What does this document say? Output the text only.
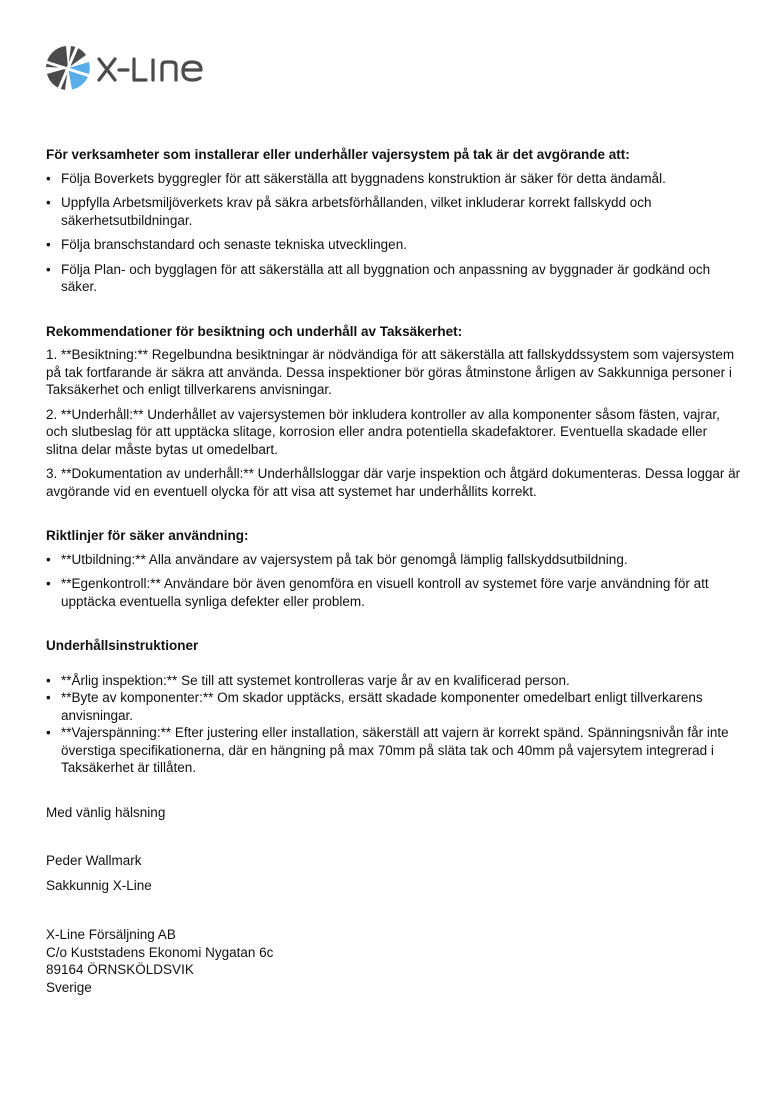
För verksamheter som installerar eller underhåller vajersystem på tak är det avgörande att:
• Följa Boverkets byggregler för att säkerställa att byggnadens konstruktion är säker för detta ändamål.
• Uppfylla Arbetsmiljöverkets krav på säkra arbetsförhållanden, vilket inkluderar korrekt fallskydd och säkerhetsutbildningar.
• Följa branschstandard och senaste tekniska utvecklingen.
• Följa Plan- och bygglagen för att säkerställa att all byggnation och anpassning av byggnader är godkänd och säker.
Rekommendationer för besiktning och underhåll av Taksäkerhet:

1. **Besiktning:** Regelbundna besiktningar är nödvändiga för att säkerställa att fallskyddssystem som vajersystem på tak fortfarande är säkra att använda. Dessa inspektioner bör göras åtminstone årligen av Sakkunniga personer i Taksäkerhet och enligt tillverkarens anvisningar.

2. **Underhåll:** Underhållet av vajersystemen bör inkludera kontroller av alla komponenter såsom fästen, vajrar, och slutbeslag för att upptäcka slitage, korrosion eller andra potentiella skadefaktorer. Eventuella skadade eller slitna delar måste bytas ut omedelbart.

3. **Dokumentation av underhåll:** Underhållsloggar där varje inspektion och åtgärd dokumenteras. Dessa loggar är avgörande vid en eventuell olycka för att visa att systemet har underhållits korrekt.

Riktlinjer för säker användning:
• **Utbildning:** Alla användare av vajersystem på tak bör genomgå lämplig fallskyddsutbildning.
• **Egenkontroll:** Användare bör även genomföra en visuell kontroll av systemet före varje användning för att upptäcka eventuella synliga defekter eller problem.
Underhållsinstruktioner
• **Årlig inspektion:** Se till att systemet kontrolleras varje år av en kvalificerad person.
• **Byte av komponenter:** Om skador upptäcks, ersätt skadade komponenter omedelbart enligt tillverkarens anvisningar.
• **Vajerspänning:** Efter justering eller installation, säkerställ att vajern är korrekt spänd. Spänningsnivån får inte överstiga specifikationerna, där en hängning på max 70mm på släta tak och 40mm på vajersytem integrerad i Taksäkerhet är tillåten.

Med vänlig hälsning

Peder Wallmark

Sakkunnig X-Line

X-Line Försäljning AB
C/o Kuststadens Ekonomi Nygatan 6c
89164 ÖRNSKÖLDSVIK
Sverige
